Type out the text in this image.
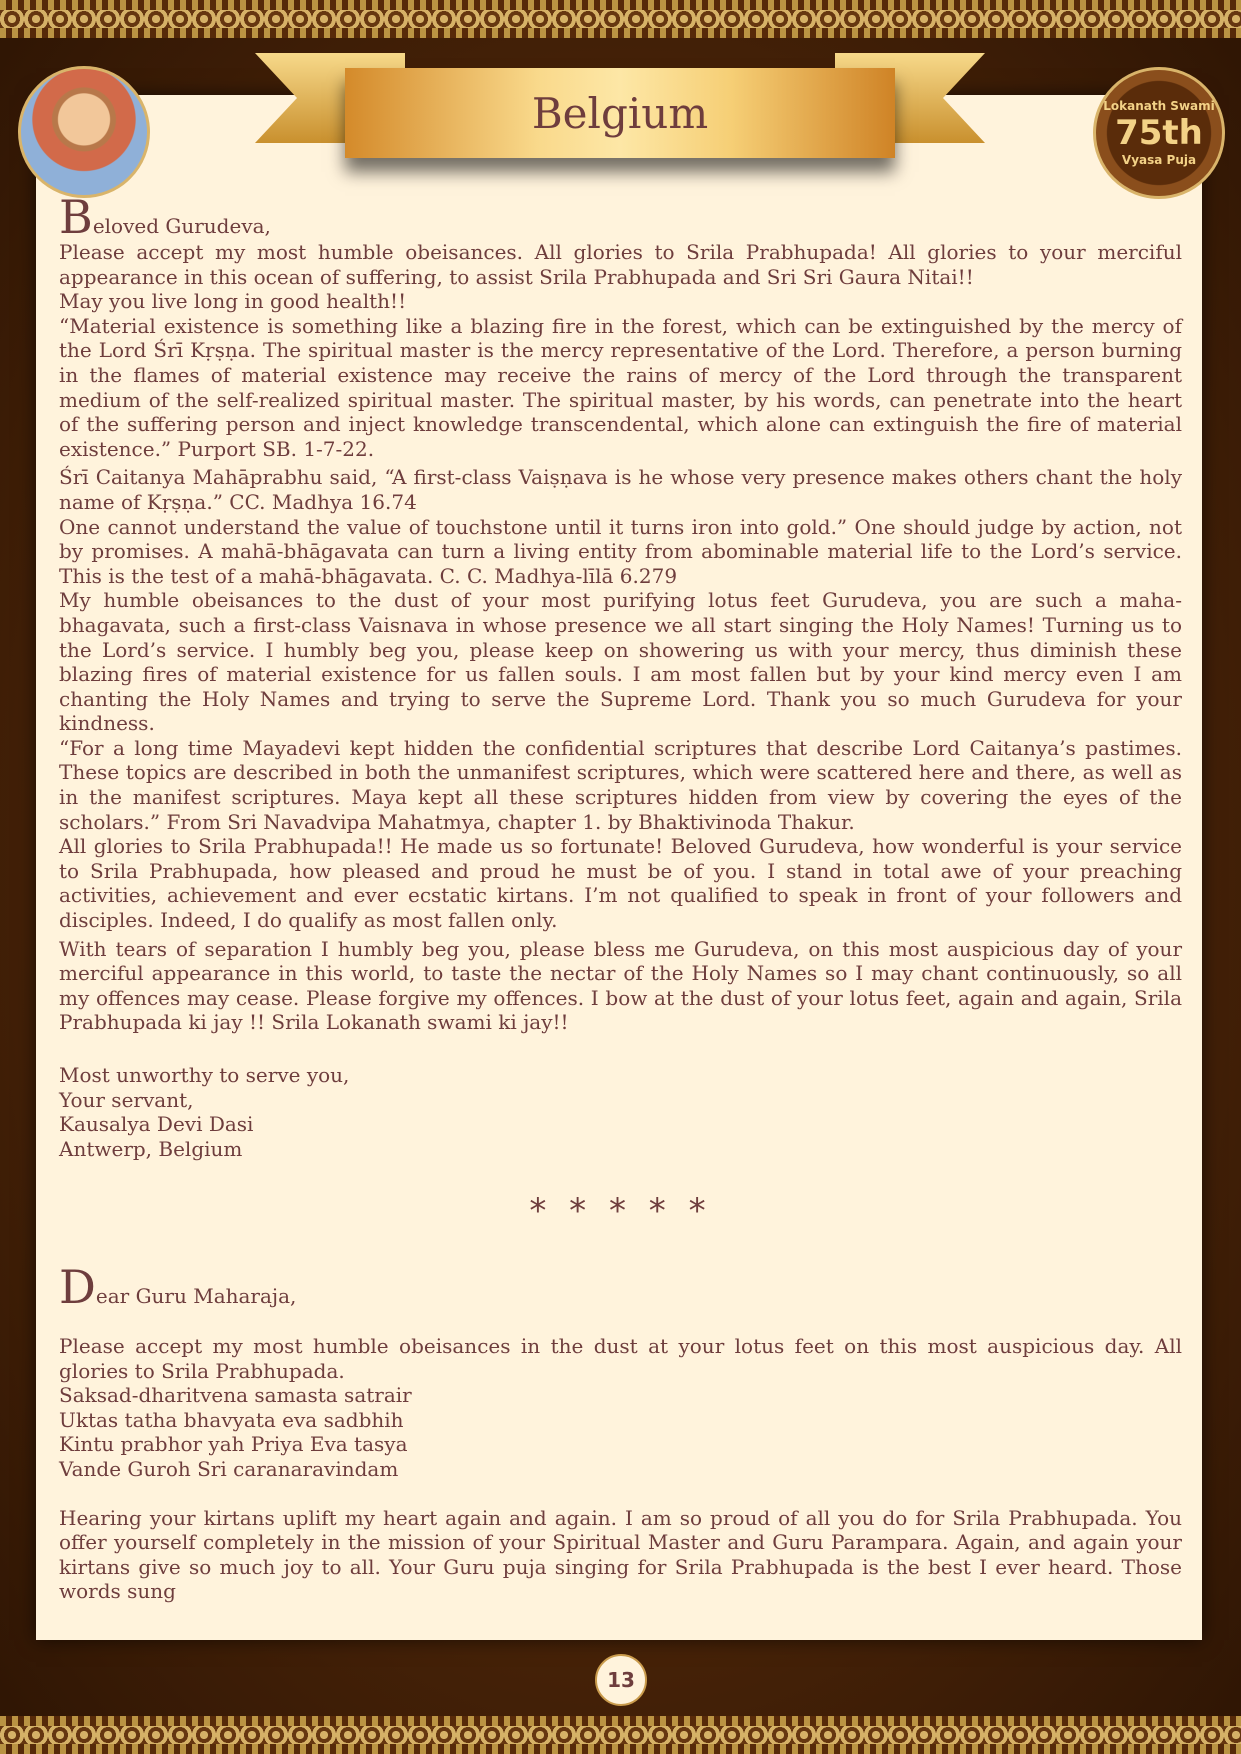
Belgium	Lokanath Swami
75th
Vyasa Puja

Beloved Gurudeva,

Please accept my most humble obeisances. All glories to Srila Prabhupada! All glories to your merciful appearance in this ocean of suffering, to assist Srila Prabhupada and Sri Sri Gaura Nitai!!

May you live long in good health!!

“Material existence is something like a blazing fire in the forest, which can be extinguished by the mercy of the Lord Śrī Kṛṣṇa. The spiritual master is the mercy representative of the Lord. Therefore, a person burning in the flames of material existence may receive the rains of mercy of the Lord through the transparent medium of the self-realized spiritual master. The spiritual master, by his words, can penetrate into the heart of the suffering person and inject knowledge transcendental, which alone can extinguish the fire of material existence.” Purport SB. 1-7-22.

Śrī Caitanya Mahāprabhu said, “A first-class Vaiṣṇava is he whose very presence makes others chant the holy name of Kṛṣṇa.” CC. Madhya 16.74

One cannot understand the value of touchstone until it turns iron into gold.” One should judge by action, not by promises. A mahā-bhāgavata can turn a living entity from abominable material life to the Lord’s service. This is the test of a mahā-bhāgavata. C. C. Madhya-līlā 6.279

My humble obeisances to the dust of your most purifying lotus feet Gurudeva, you are such a maha-bhagavata, such a first-class Vaisnava in whose presence we all start singing the Holy Names! Turning us to the Lord’s service. I humbly beg you, please keep on showering us with your mercy, thus diminish these blazing fires of material existence for us fallen souls. I am most fallen but by your kind mercy even I am chanting the Holy Names and trying to serve the Supreme Lord. Thank you so much Gurudeva for your kindness.

“For a long time Mayadevi kept hidden the confidential scriptures that describe Lord Caitanya’s pastimes. These topics are described in both the unmanifest scriptures, which were scattered here and there, as well as in the manifest scriptures. Maya kept all these scriptures hidden from view by covering the eyes of the scholars.” From Sri Navadvipa Mahatmya, chapter 1. by Bhaktivinoda Thakur.

All glories to Srila Prabhupada!! He made us so fortunate! Beloved Gurudeva, how wonderful is your service to Srila Prabhupada, how pleased and proud he must be of you. I stand in total awe of your preaching activities, achievement and ever ecstatic kirtans. I’m not qualified to speak in front of your followers and disciples. Indeed, I do qualify as most fallen only.

With tears of separation I humbly beg you, please bless me Gurudeva, on this most auspicious day of your merciful appearance in this world, to taste the nectar of the Holy Names so I may chant continuously, so all my offences may cease. Please forgive my offences. I bow at the dust of your lotus feet, again and again, Srila Prabhupada ki jay !! Srila Lokanath swami ki jay!!

Most unworthy to serve you,

Your servant,

Kausalya Devi Dasi

Antwerp, Belgium

* * * * *

Dear Guru Maharaja,

Please accept my most humble obeisances in the dust at your lotus feet on this most auspicious day. All glories to Srila Prabhupada.

Saksad-dharitvena samasta satrair

Uktas tatha bhavyata eva sadbhih

Kintu prabhor yah Priya Eva tasya

Vande Guroh Sri caranaravindam

Hearing your kirtans uplift my heart again and again. I am so proud of all you do for Srila Prabhupada. You offer yourself completely in the mission of your Spiritual Master and Guru Parampara. Again, and again your kirtans give so much joy to all. Your Guru puja singing for Srila Prabhupada is the best I ever heard. Those words sung

13
